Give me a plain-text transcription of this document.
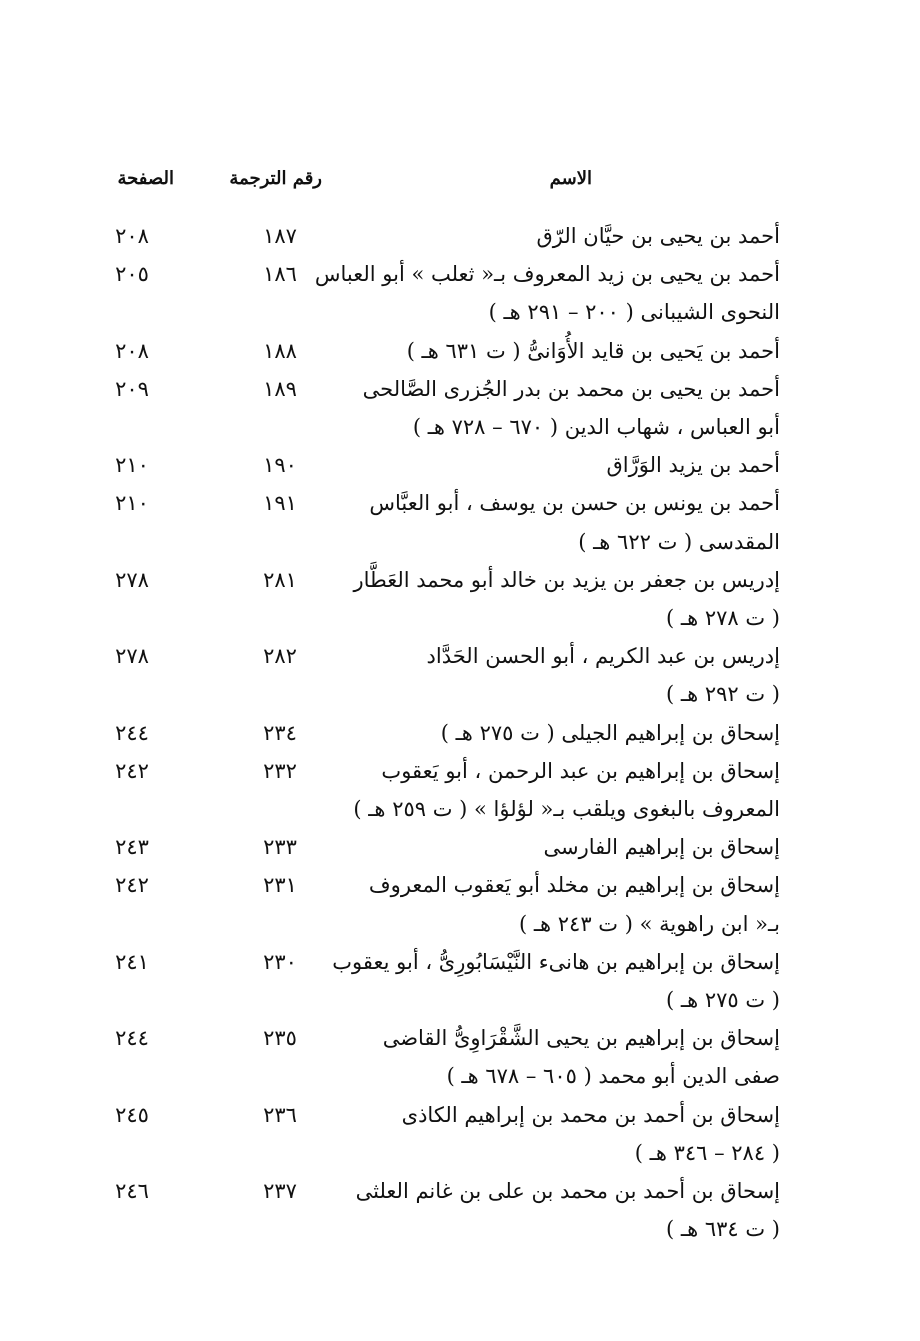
الاسم
رقم الترجمة
الصفحة
أحمد بن يحيى بن حيَّان الرّق
١٨٧
٢٠٨
أحمد بن يحيى بن زيد المعروف بـ« ثعلب » أبو العباس
١٨٦
٢٠٥
النحوى الشيبانى ( ٢٠٠ – ٢٩١ هـ )
أحمد بن يَحيى بن قايد الأُوَانىُّ ( ت ٦٣١ هـ )
١٨٨
٢٠٨
أحمد بن يحيى بن محمد بن بدر الجُزرى الصَّالحى
١٨٩
٢٠٩
أبو العباس ، شهاب الدين ( ٦٧٠ – ٧٢٨ هـ )
أحمد بن يزيد الوَرَّاق
١٩٠
٢١٠
أحمد بن يونس بن حسن بن يوسف ، أبو العبَّاس
١٩١
٢١٠
المقدسى ( ت ٦٢٢ هـ )
إدريس بن جعفر بن يزيد بن خالد أبو محمد العَطَّار
٢٨١
٢٧٨
( ت ٢٧٨ هـ )
إدريس بن عبد الكريم ، أبو الحسن الحَدَّاد
٢٨٢
٢٧٨
( ت ٢٩٢ هـ )
إسحاق بن إبراهيم الجيلى ( ت ٢٧٥ هـ )
٢٣٤
٢٤٤
إسحاق بن إبراهيم بن عبد الرحمن ، أبو يَعقوب
٢٣٢
٢٤٢
المعروف بالبغوى ويلقب بـ« لؤلؤا » ( ت ٢٥٩ هـ )
إسحاق بن إبراهيم الفارسى
٢٣٣
٢٤٣
إسحاق بن إبراهيم بن مخلد أبو يَعقوب المعروف
٢٣١
٢٤٢
بـ« ابن راهوية » ( ت ٢٤٣ هـ )
إسحاق بن إبراهيم بن هانىء النَّيْسَابُورِىُّ ، أبو يعقوب
٢٣٠
٢٤١
( ت ٢٧٥ هـ )
إسحاق بن إبراهيم بن يحيى الشَّقْرَاوِىُّ القاضى
٢٣٥
٢٤٤
صفى الدين أبو محمد ( ٦٠٥ – ٦٧٨ هـ )
إسحاق بن أحمد بن محمد بن إبراهيم الكاذى
٢٣٦
٢٤٥
( ٢٨٤ – ٣٤٦ هـ )
إسحاق بن أحمد بن محمد بن على بن غانم العلثى
٢٣٧
٢٤٦
( ت ٦٣٤ هـ )
